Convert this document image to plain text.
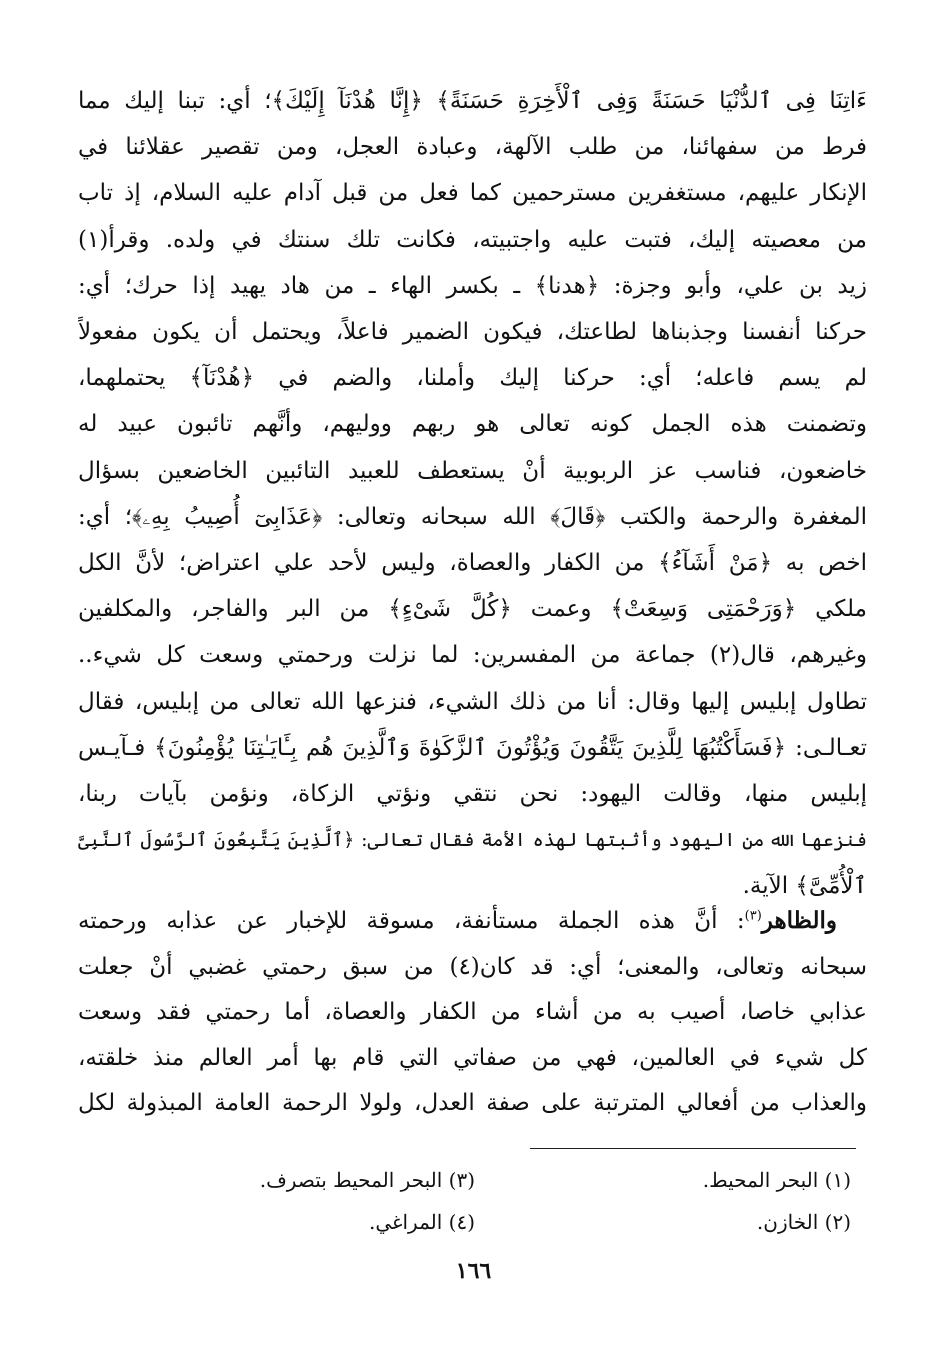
ءَاتِنَا فِى ٱلدُّنْيَا حَسَنَةً وَفِى ٱلْأَخِرَةِ حَسَنَةً﴾ ﴿إِنَّا هُدْنَآ إِلَيْكَ﴾؛ أي: تبنا إليك مما
فرط من سفهائنا، من طلب الآلهة، وعبادة العجل، ومن تقصير عقلائنا في
الإنكار عليهم، مستغفرين مسترحمين كما فعل من قبل آدام عليه السلام، إذ تاب
من معصيته إليك، فتبت عليه واجتبيته، فكانت تلك سنتك في ولده. وقرأ(١)
زيد بن علي، وأبو وجزة: ﴿هدنا﴾ ـ بكسر الهاء ـ من هاد يهيد إذا حرك؛ أي:
حركنا أنفسنا وجذبناها لطاعتك، فيكون الضمير فاعلاً، ويحتمل أن يكون مفعولاً
لم يسم فاعله؛ أي: حركنا إليك وأملنا، والضم في ﴿هُدْنَآ﴾ يحتملهما،
وتضمنت هذه الجمل كونه تعالى هو ربهم ووليهم، وأنَّهم تائبون عبيد له
خاضعون، فناسب عز الربوبية أنْ يستعطف للعبيد التائبين الخاضعين بسؤال
المغفرة والرحمة والكتب ﴿قَالَ﴾ الله سبحانه وتعالى: ﴿عَذَابِىٓ أُصِيبُ بِهِۦ﴾؛ أي:
اخص به ﴿مَنْ أَشَآءُ﴾ من الكفار والعصاة، وليس لأحد علي اعتراض؛ لأنَّ الكل
ملكي ﴿وَرَحْمَتِى وَسِعَتْ﴾ وعمت ﴿كُلَّ شَىْءٍ﴾ من البر والفاجر، والمكلفين
وغيرهم، قال(٢) جماعة من المفسرين: لما نزلت ورحمتي وسعت كل شيء..
تطاول إبليس إليها وقال: أنا من ذلك الشيء، فنزعها الله تعالى من إبليس، فقال
تعـالـى: ﴿فَسَأَكْتُبُهَا لِلَّذِينَ يَتَّقُونَ وَيُؤْتُونَ ٱلزَّكَوٰةَ وَٱلَّذِينَ هُم بِـَٔايَـٰتِنَا يُؤْمِنُونَ﴾ فـآيـس
إبليس منها، وقالت اليهود: نحن نتقي ونؤتي الزكاة، ونؤمن بآيات ربنا،
فنزعها الله من اليهود وأثبتها لهذه الأمة فقال تعالى: ﴿ٱلَّذِينَ يَتَّبِعُونَ ٱلرَّسُولَ ٱلنَّبِىَّ
ٱلْأُمِّىَّ﴾ الآية.
والظاهر$^{(٣)}$: أنَّ هذه الجملة مستأنفة، مسوقة للإخبار عن عذابه ورحمته
سبحانه وتعالى، والمعنى؛ أي: قد كان(٤) من سبق رحمتي غضبي أنْ جعلت
عذابي خاصا، أصيب به من أشاء من الكفار والعصاة، أما رحمتي فقد وسعت
كل شيء في العالمين، فهي من صفاتي التي قام بها أمر العالم منذ خلقته،
والعذاب من أفعالي المترتبة على صفة العدل، ولولا الرحمة العامة المبذولة لكل
(١) البحر المحيط.
(٢) الخازن.
(٣) البحر المحيط بتصرف.
(٤) المراغي.
١٦٦
